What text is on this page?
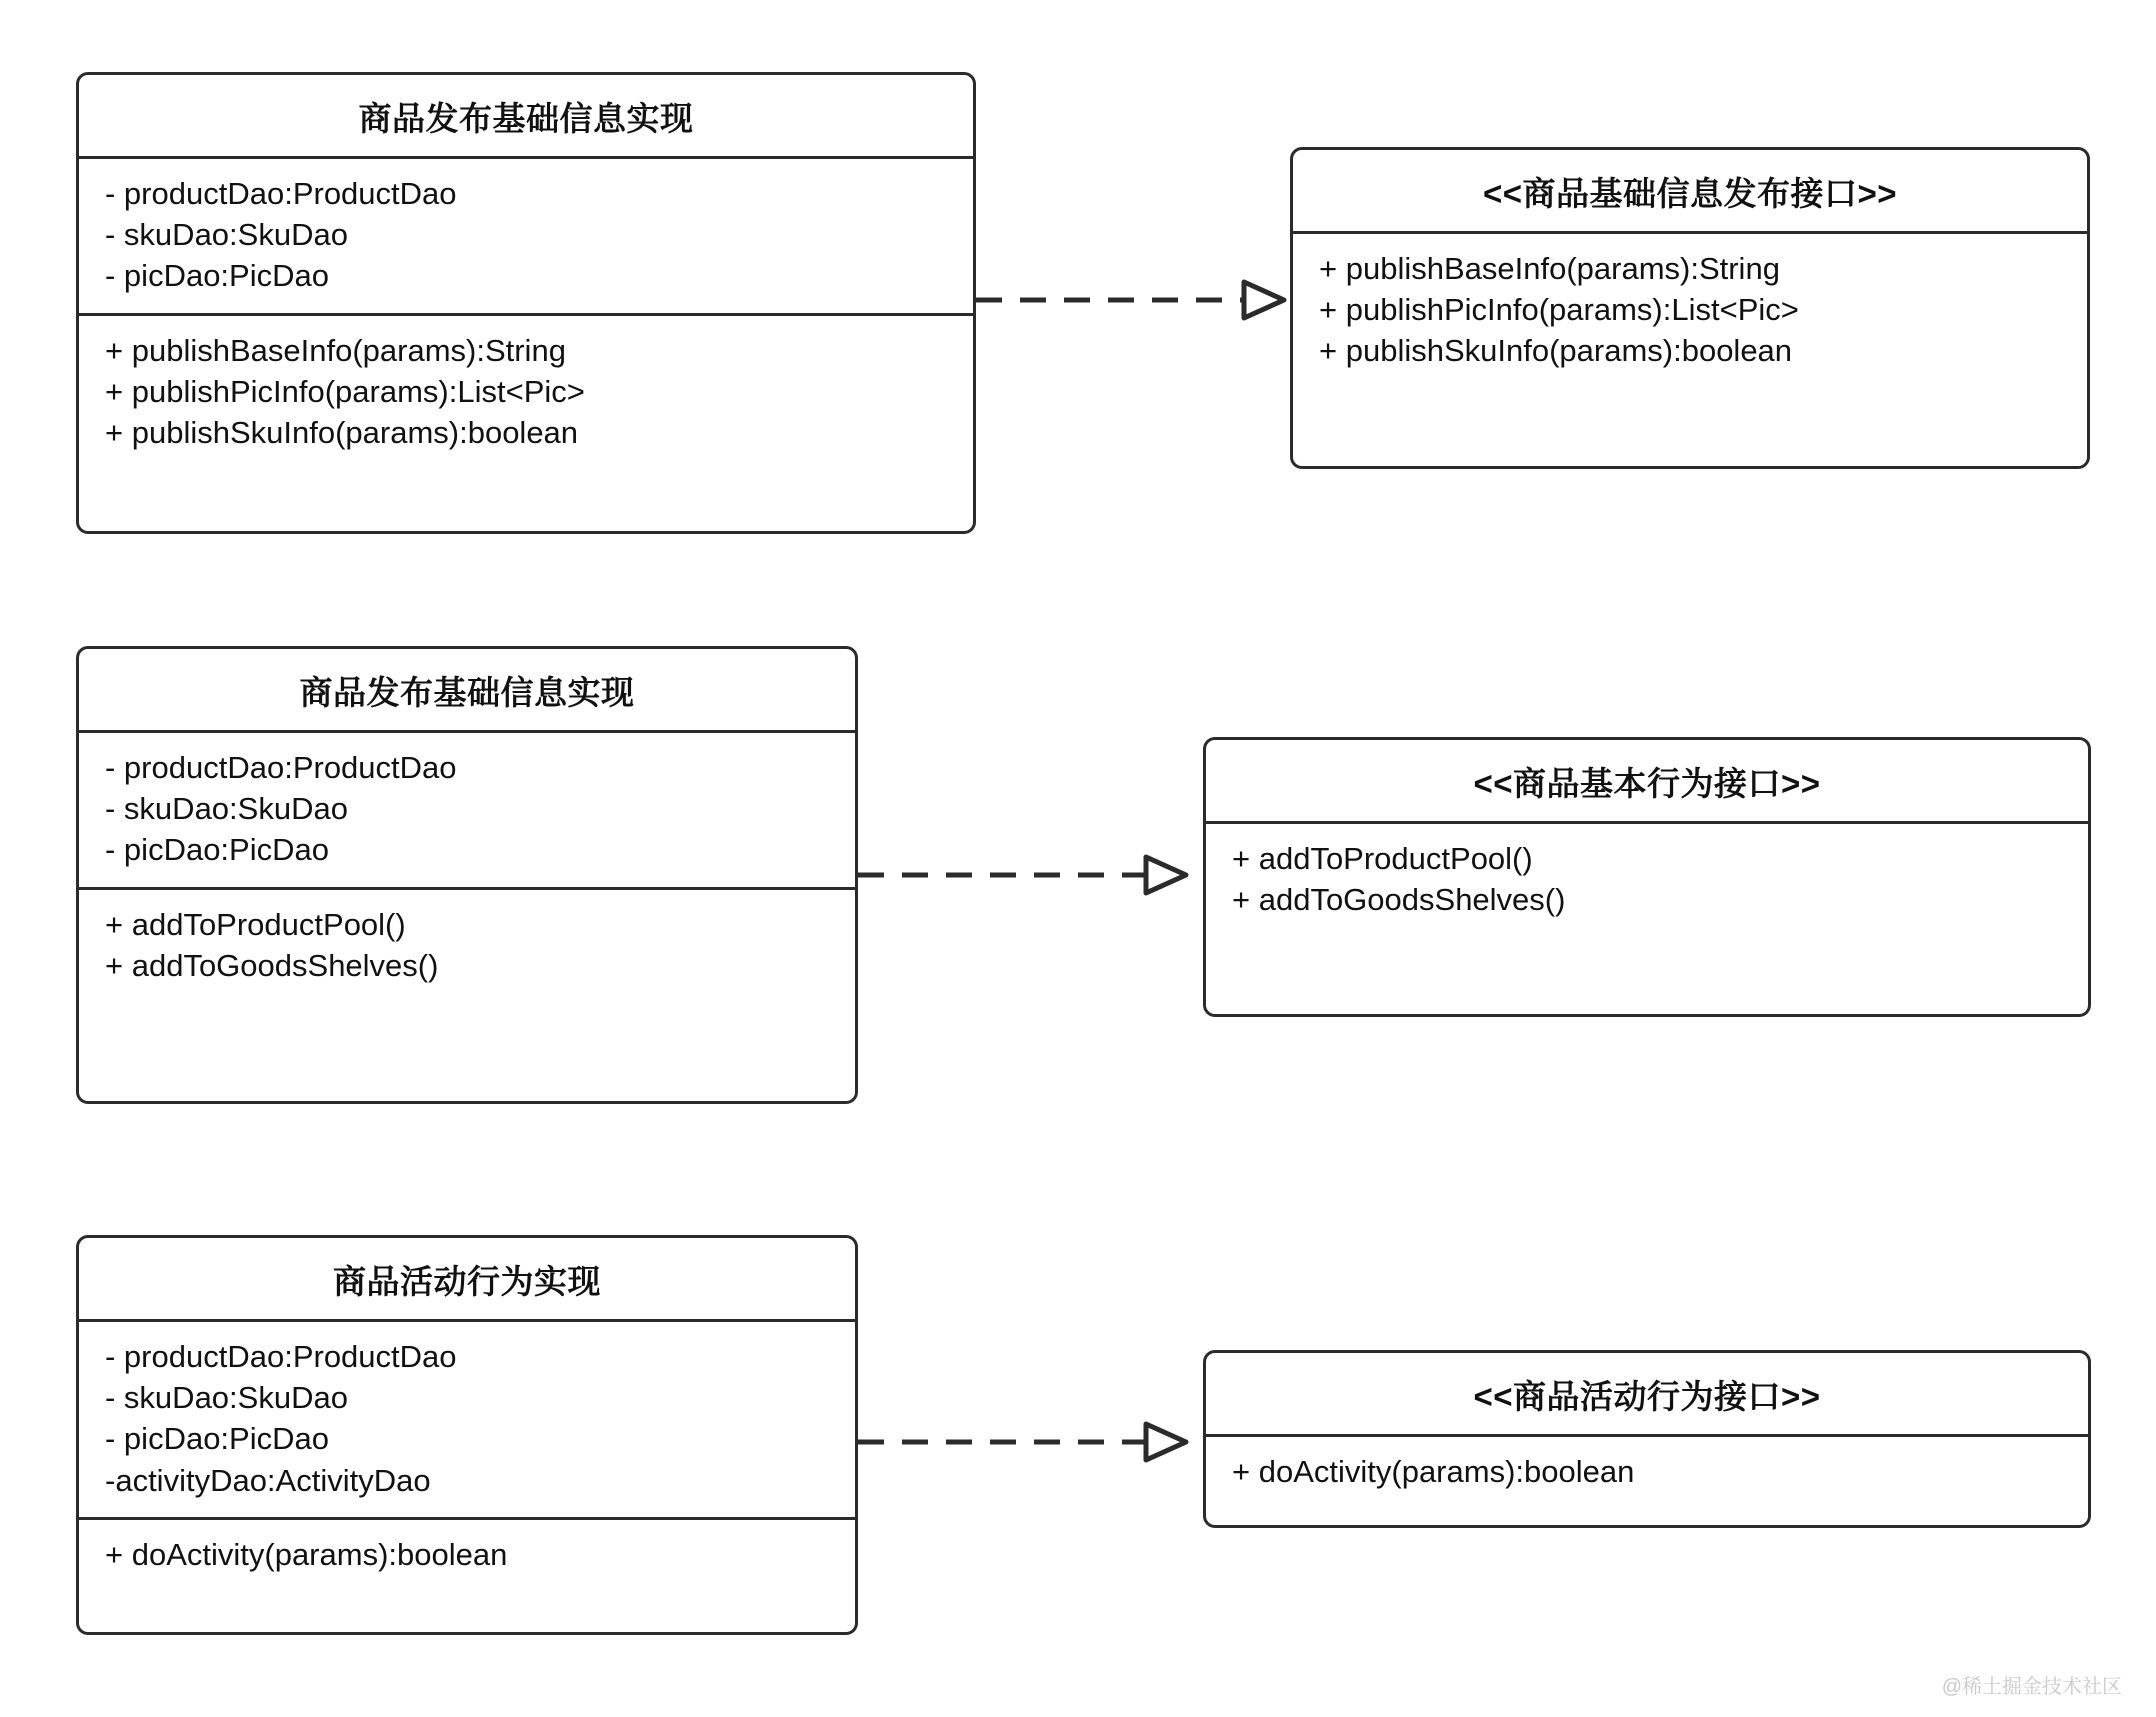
商品发布基础信息实现
- productDao:ProductDao
- skuDao:SkuDao
- picDao:PicDao
+ publishBaseInfo(params):String
+ publishPicInfo(params):List<Pic>
+ publishSkuInfo(params):boolean
<<商品基础信息发布接口>>
+ publishBaseInfo(params):String
+ publishPicInfo(params):List<Pic>
+ publishSkuInfo(params):boolean
商品发布基础信息实现
- productDao:ProductDao
- skuDao:SkuDao
- picDao:PicDao
+ addToProductPool()
+ addToGoodsShelves()
<<商品基本行为接口>>
+ addToProductPool()
+ addToGoodsShelves()
商品活动行为实现
- productDao:ProductDao
- skuDao:SkuDao
- picDao:PicDao
-activityDao:ActivityDao
+ doActivity(params):boolean
<<商品活动行为接口>>
+ doActivity(params):boolean
@稀土掘金技术社区
